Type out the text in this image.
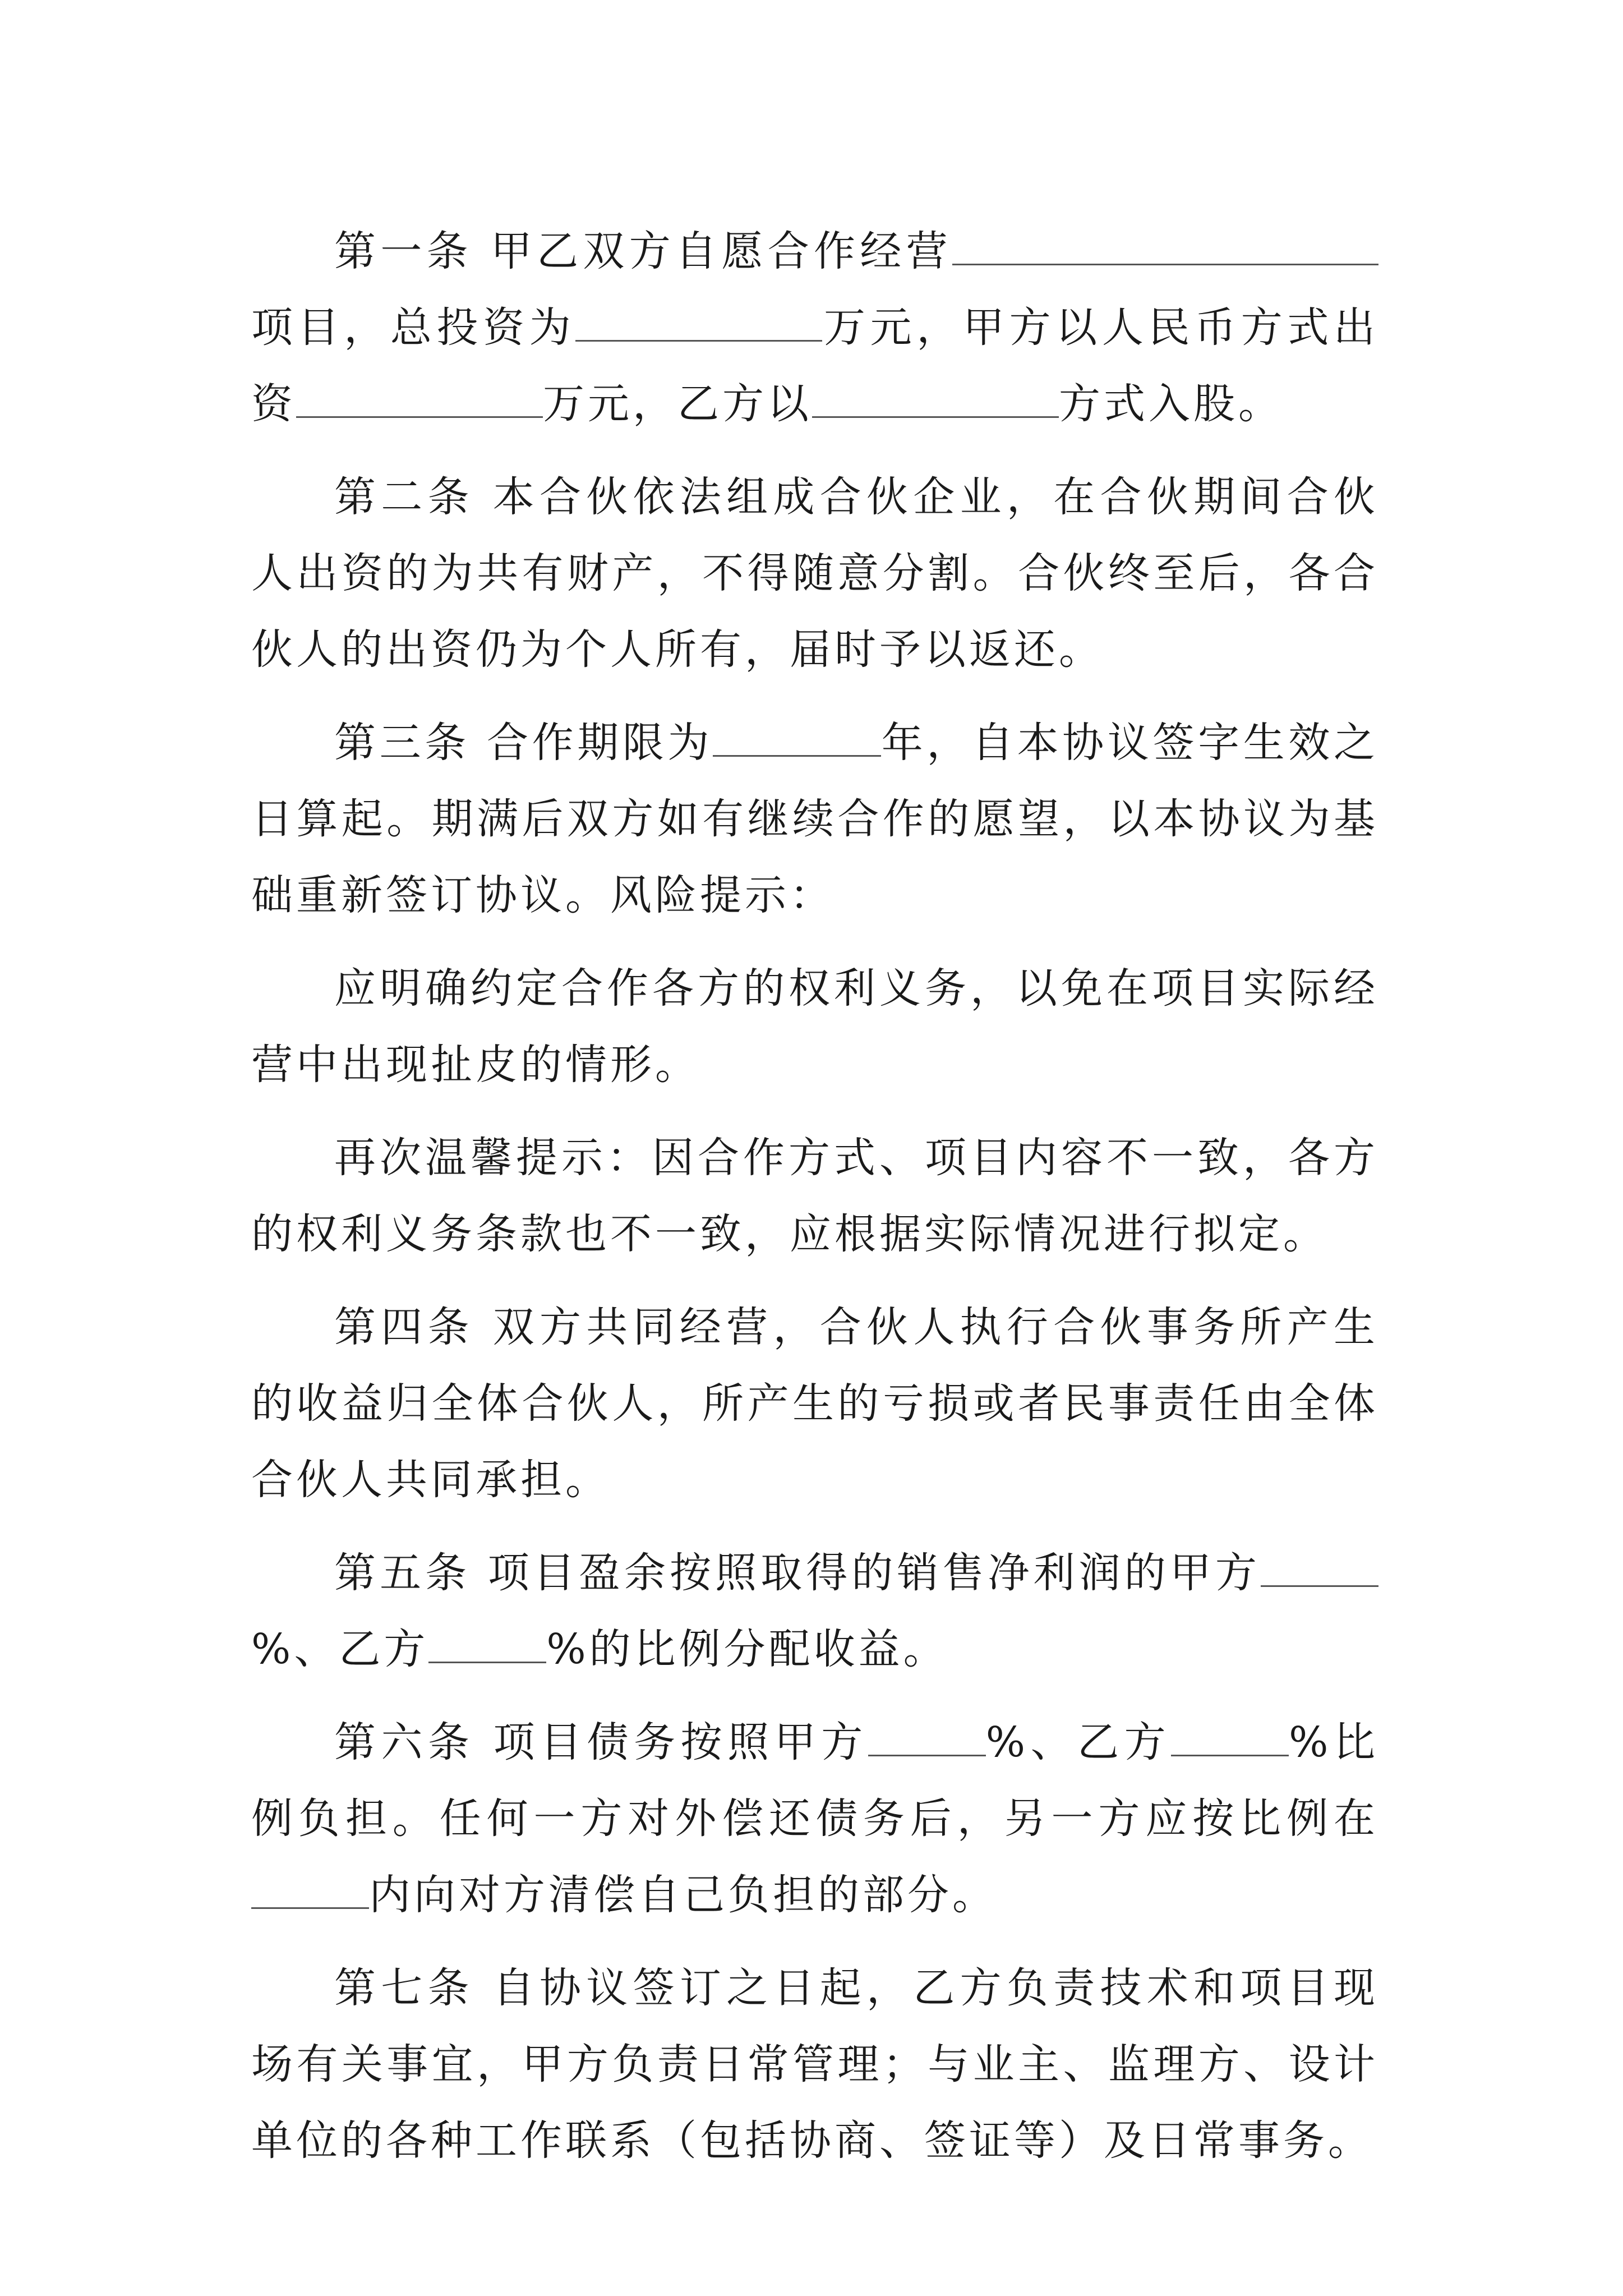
第一条 甲乙双方自愿合作经营项目，总投资为	万元，甲方以人民币方式出资	万元，乙方以	方式入股。

第二条 本合伙依法组成合伙企业，在合伙期间合伙人出资的为共有财产，不得随意分割。合伙终至后，各合伙人的出资仍为个人所有，届时予以返还。

第三条 合作期限为	年，自本协议签字生效之日算起。期满后双方如有继续合作的愿望，以本协议为基础重新签订协议。风险提示：

应明确约定合作各方的权利义务，以免在项目实际经营中出现扯皮的情形。

再次温馨提示：因合作方式、项目内容不一致，各方的权利义务条款也不一致，应根据实际情况进行拟定。

第四条 双方共同经营，合伙人执行合伙事务所产生的收益归全体合伙人，所产生的亏损或者民事责任由全体合伙人共同承担。

第五条 项目盈余按照取得的销售净利润的甲方%、乙方	%的比例分配收益。

第六条 项目债务按照甲方	%、乙方	%比例负担。任何一方对外偿还债务后，另一方应按比例在内向对方清偿自己负担的部分。

第七条 自协议签订之日起，乙方负责技术和项目现场有关事宜，甲方负责日常管理；与业主、监理方、设计单位的各种工作联系（包括协商、签证等）及日常事务。
